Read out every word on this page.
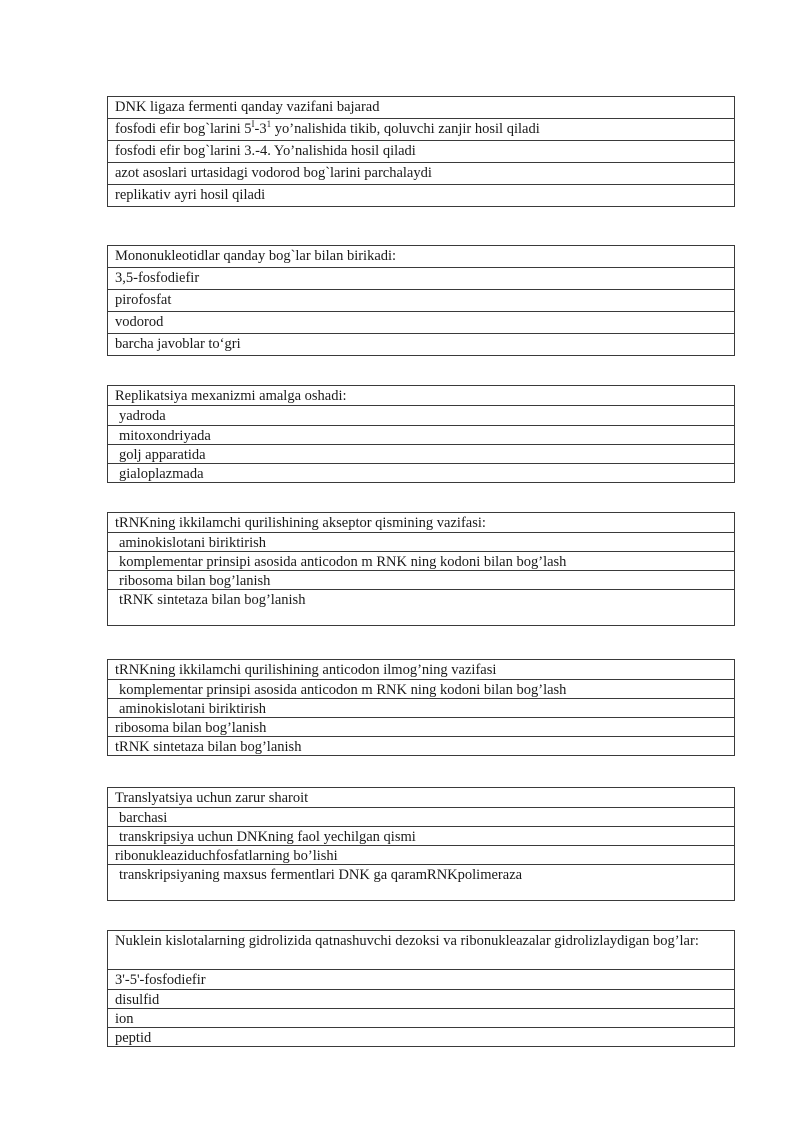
DNK ligaza fermenti qanday vazifani bajarad
fosfodi efir bog`larini $5^I-3^1$ yo’nalishida tikib, qoluvchi zanjir hosil qiladi
fosfodi efir bog`larini 3.-4. Yo’nalishida hosil qiladi
azot asoslari urtasidagi vodorod bog`larini parchalaydi
replikativ ayri hosil qiladi
Mononukleotidlar qanday bog`lar bilan birikadi:
3,5-fosfodiefir
pirofosfat
vodorod
barcha javoblar to‘gri
Replikatsiya mexanizmi amalga oshadi:
yadroda
mitoxondriyada
golj apparatida
gialoplazmada
tRNKning ikkilamchi qurilishining akseptor qismining vazifasi:
aminokislotani biriktirish
komplementar prinsipi asosida anticodon m RNK ning kodoni bilan bog’lash
ribosoma bilan bog’lanish
tRNK sintetaza bilan bog’lanish
tRNKning ikkilamchi qurilishining anticodon ilmog’ning vazifasi
komplementar prinsipi asosida anticodon m RNK ning kodoni bilan bog’lash
aminokislotani biriktirish
ribosoma bilan bog’lanish
tRNK sintetaza bilan bog’lanish
Translyatsiya uchun zarur sharoit
barchasi
transkripsiya uchun DNKning faol yechilgan qismi
ribonukleaziduchfosfatlarning bo’lishi
transkripsiyaning maxsus fermentlari DNK ga qaramRNKpolimeraza
Nuklein kislotalarning gidrolizida qatnashuvchi dezoksi va ribonukleazalar gidrolizlaydigan bog’lar:
3'-5'-fosfodiefir
disulfid
ion
peptid
